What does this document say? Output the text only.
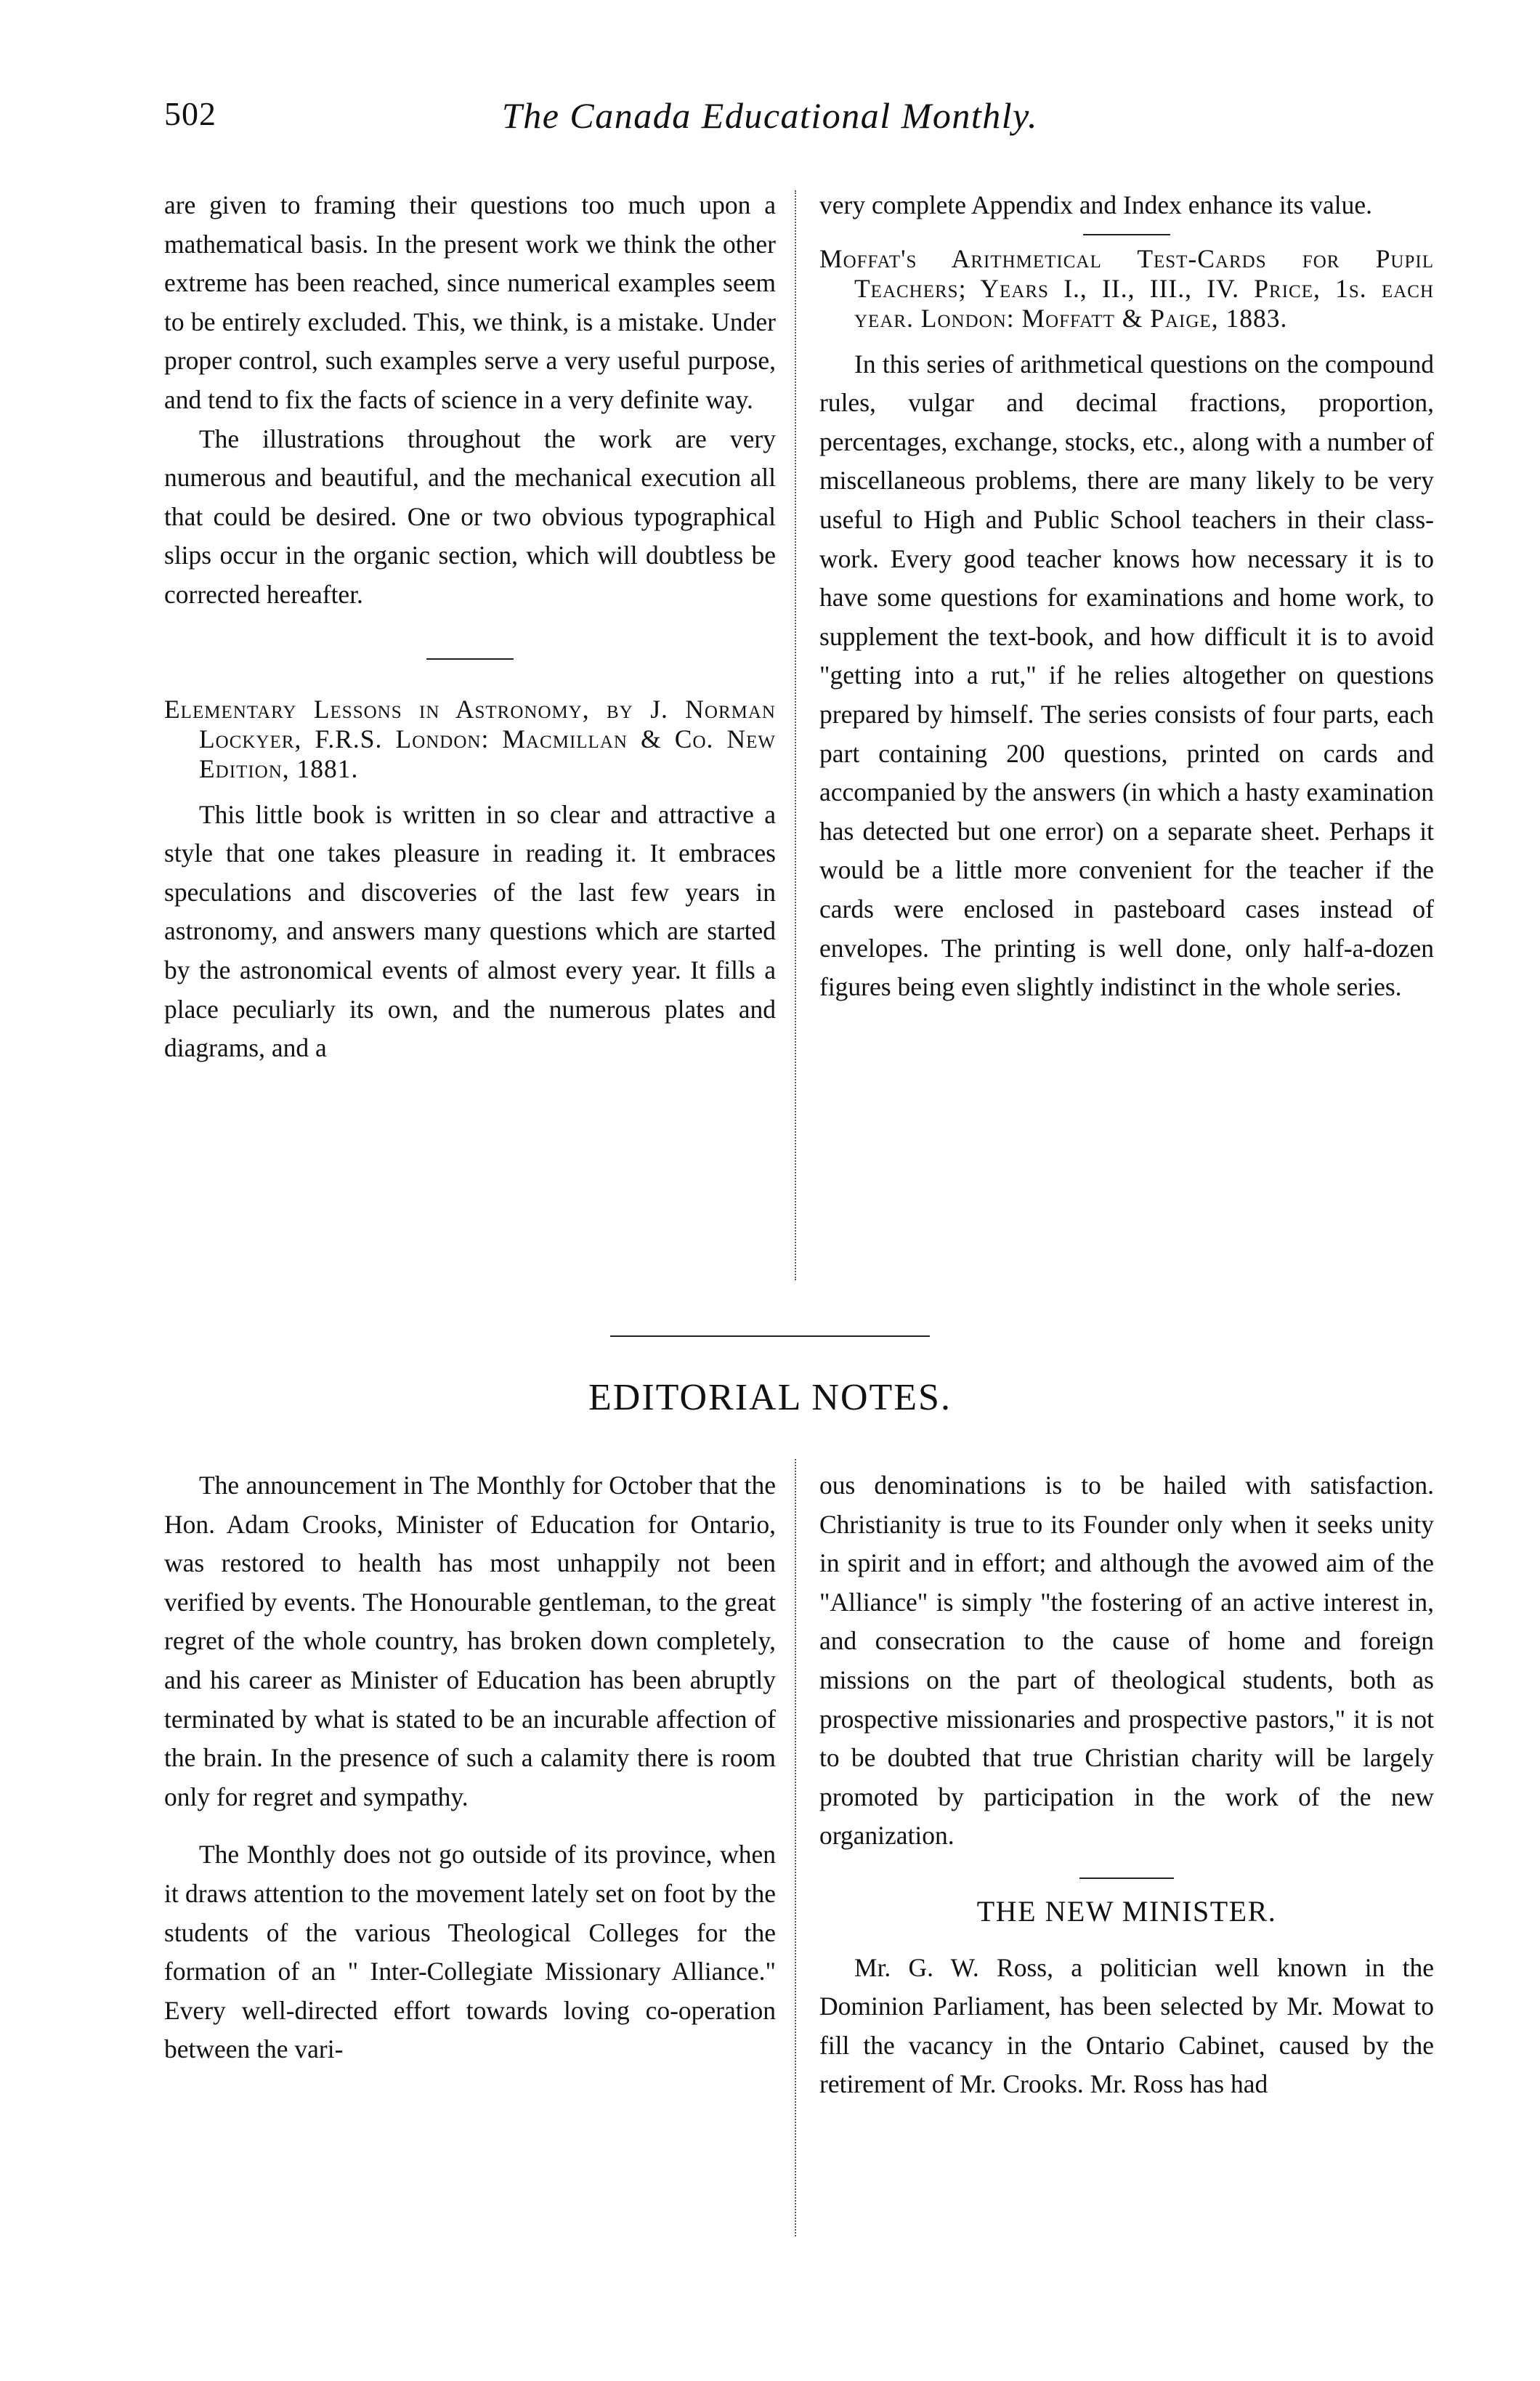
502	The Canada Educational Monthly.

are given to framing their questions too much upon a mathematical basis. In the present work we think the other extreme has been reached, since numerical examples seem to be entirely excluded. This, we think, is a mistake. Under proper control, such examples serve a very useful purpose, and tend to fix the facts of science in a very definite way.

The illustrations throughout the work are very numerous and beautiful, and the mechanical execution all that could be desired. One or two obvious typographical slips occur in the organic section, which will doubtless be corrected hereafter.

Elementary Lessons in Astronomy, by J. Norman Lockyer, F.R.S. London: Macmillan & Co. New Edition, 1881.

This little book is written in so clear and attractive a style that one takes pleasure in reading it. It embraces speculations and discoveries of the last few years in astronomy, and answers many questions which are started by the astronomical events of almost every year. It fills a place peculiarly its own, and the numerous plates and diagrams, and a

very complete Appendix and Index enhance its value.

Moffat's Arithmetical Test-Cards for Pupil Teachers; Years I., II., III., IV. Price, 1s. each year. London: Moffatt & Paige, 1883.

In this series of arithmetical questions on the compound rules, vulgar and decimal fractions, proportion, percentages, exchange, stocks, etc., along with a number of miscellaneous problems, there are many likely to be very useful to High and Public School teachers in their class-work. Every good teacher knows how necessary it is to have some questions for examinations and home work, to supplement the text-book, and how difficult it is to avoid "getting into a rut," if he relies altogether on questions prepared by himself. The series consists of four parts, each part containing 200 questions, printed on cards and accompanied by the answers (in which a hasty examination has detected but one error) on a separate sheet. Perhaps it would be a little more convenient for the teacher if the cards were enclosed in pasteboard cases instead of envelopes. The printing is well done, only half-a-dozen figures being even slightly indistinct in the whole series.

EDITORIAL NOTES.

The announcement in The Monthly for October that the Hon. Adam Crooks, Minister of Education for Ontario, was restored to health has most unhappily not been verified by events. The Honourable gentleman, to the great regret of the whole country, has broken down completely, and his career as Minister of Education has been abruptly terminated by what is stated to be an incurable affection of the brain. In the presence of such a calamity there is room only for regret and sympathy.

The Monthly does not go outside of its province, when it draws attention to the movement lately set on foot by the students of the various Theological Colleges for the formation of an " Inter-Collegiate Missionary Alliance." Every well-directed effort towards loving co-operation between the vari-

ous denominations is to be hailed with satisfaction. Christianity is true to its Founder only when it seeks unity in spirit and in effort; and although the avowed aim of the "Alliance" is simply "the fostering of an active interest in, and consecration to the cause of home and foreign missions on the part of theological students, both as prospective missionaries and prospective pastors," it is not to be doubted that true Christian charity will be largely promoted by participation in the work of the new organization.

THE NEW MINISTER.

Mr. G. W. Ross, a politician well known in the Dominion Parliament, has been selected by Mr. Mowat to fill the vacancy in the Ontario Cabinet, caused by the retirement of Mr. Crooks. Mr. Ross has had
